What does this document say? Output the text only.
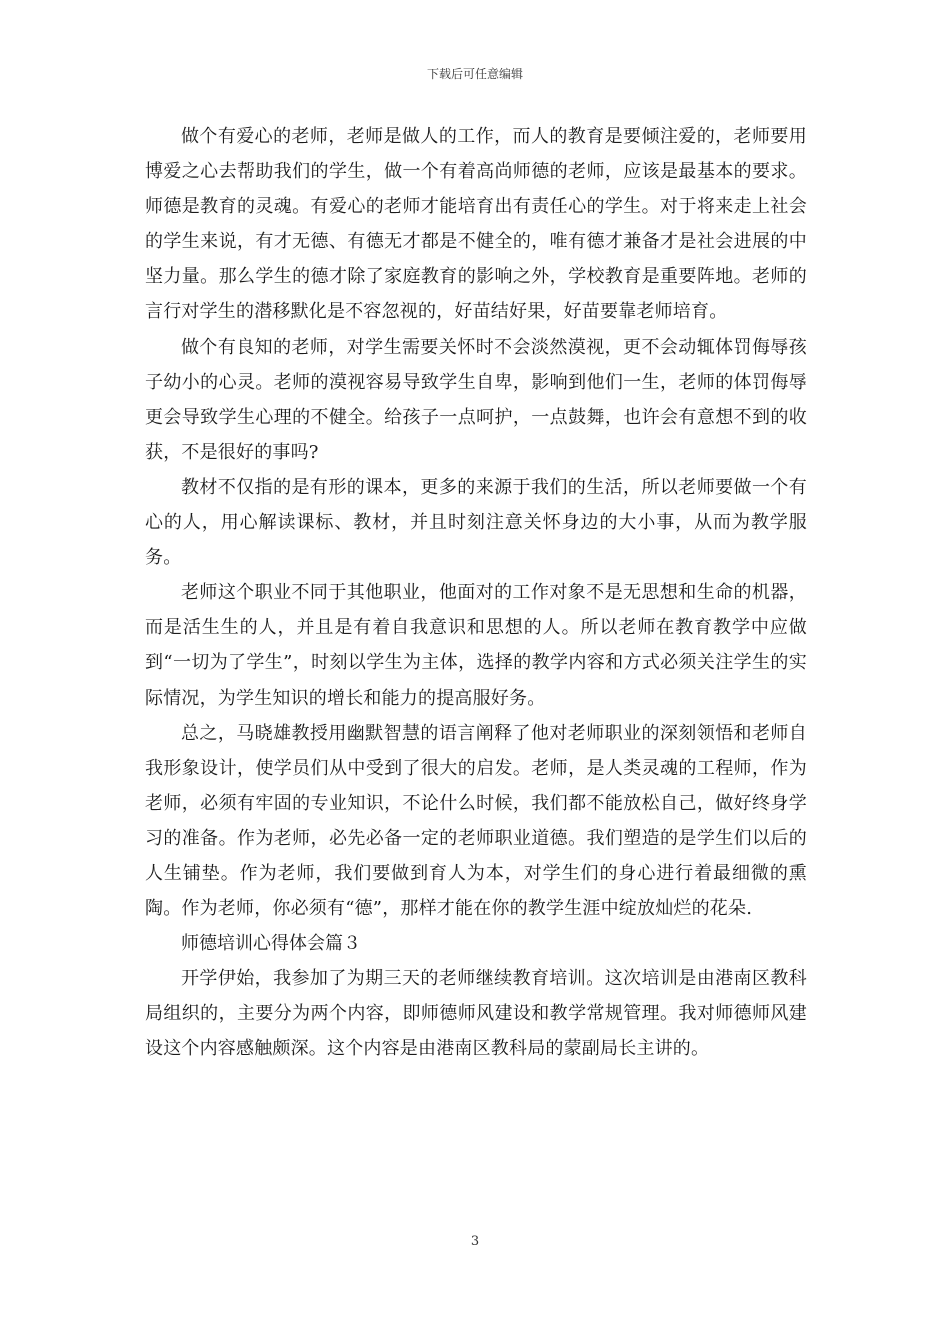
下载后可任意编辑

做个有爱心的老师，老师是做人的工作，而人的教育是要倾注爱的，老师要用博爱之心去帮助我们的学生，做一个有着高尚师德的老师，应该是最基本的要求。师德是教育的灵魂。有爱心的老师才能培育出有责任心的学生。对于将来走上社会的学生来说，有才无德、有德无才都是不健全的，唯有德才兼备才是社会进展的中坚力量。那么学生的德才除了家庭教育的影响之外，学校教育是重要阵地。老师的言行对学生的潜移默化是不容忽视的，好苗结好果，好苗要靠老师培育。

做个有良知的老师，对学生需要关怀时不会淡然漠视，更不会动辄体罚侮辱孩子幼小的心灵。老师的漠视容易导致学生自卑，影响到他们一生，老师的体罚侮辱更会导致学生心理的不健全。给孩子一点呵护，一点鼓舞，也许会有意想不到的收获，不是很好的事吗?

教材不仅指的是有形的课本，更多的来源于我们的生活，所以老师要做一个有心的人，用心解读课标、教材，并且时刻注意关怀身边的大小事，从而为教学服务。

老师这个职业不同于其他职业，他面对的工作对象不是无思想和生命的机器，而是活生生的人，并且是有着自我意识和思想的人。所以老师在教育教学中应做到“一切为了学生”，时刻以学生为主体，选择的教学内容和方式必须关注学生的实际情况，为学生知识的增长和能力的提高服好务。

总之，马晓雄教授用幽默智慧的语言阐释了他对老师职业的深刻领悟和老师自我形象设计，使学员们从中受到了很大的启发。老师，是人类灵魂的工程师，作为老师，必须有牢固的专业知识，不论什么时候，我们都不能放松自己，做好终身学习的准备。作为老师，必先必备一定的老师职业道德。我们塑造的是学生们以后的人生铺垫。作为老师，我们要做到育人为本，对学生们的身心进行着最细微的熏陶。作为老师，你必须有“德”，那样才能在你的教学生涯中绽放灿烂的花朵.

师德培训心得体会篇３

开学伊始，我参加了为期三天的老师继续教育培训。这次培训是由港南区教科局组织的，主要分为两个内容，即师德师风建设和教学常规管理。我对师德师风建设这个内容感触颇深。这个内容是由港南区教科局的蒙副局长主讲的。

3
